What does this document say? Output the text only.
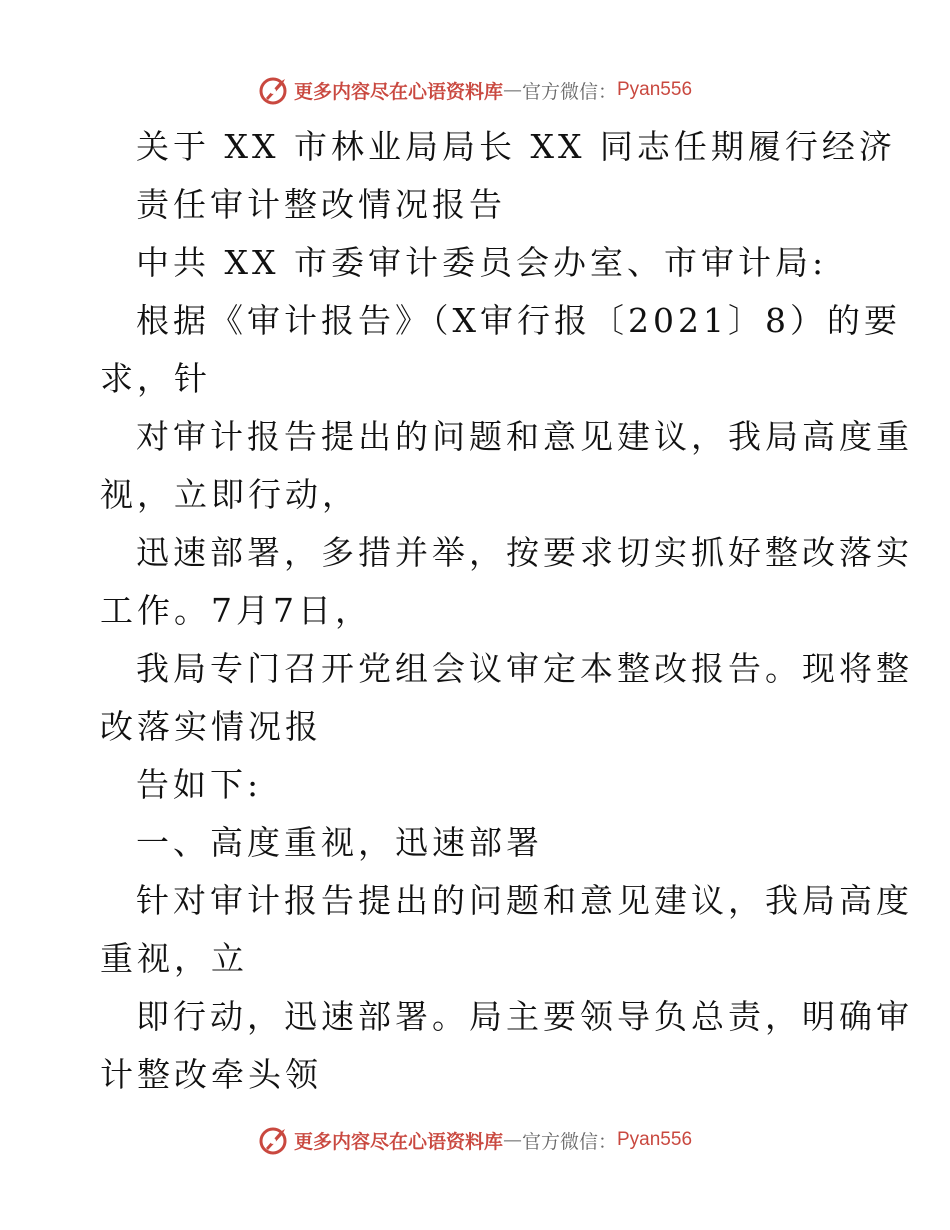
更多内容尽在心语资料库 — 官方微信： Pyan556
关于 XX 市林业局局长 XX 同志任期履行经济
责任审计整改情况报告
中共 XX 市委审计委员会办室、市审计局:
根据《审计报告》（X审行报〔2021〕8）的要
求，针
对审计报告提出的问题和意见建议，我局高度重
视，立即行动，
迅速部署，多措并举，按要求切实抓好整改落实
工作。7月7日，
我局专门召开党组会议审定本整改报告。现将整
改落实情况报
告如下:
一、高度重视，迅速部署
针对审计报告提出的问题和意见建议，我局高度
重视，立
即行动，迅速部署。局主要领导负总责，明确审
计整改牵头领
更多内容尽在心语资料库 — 官方微信： Pyan556
